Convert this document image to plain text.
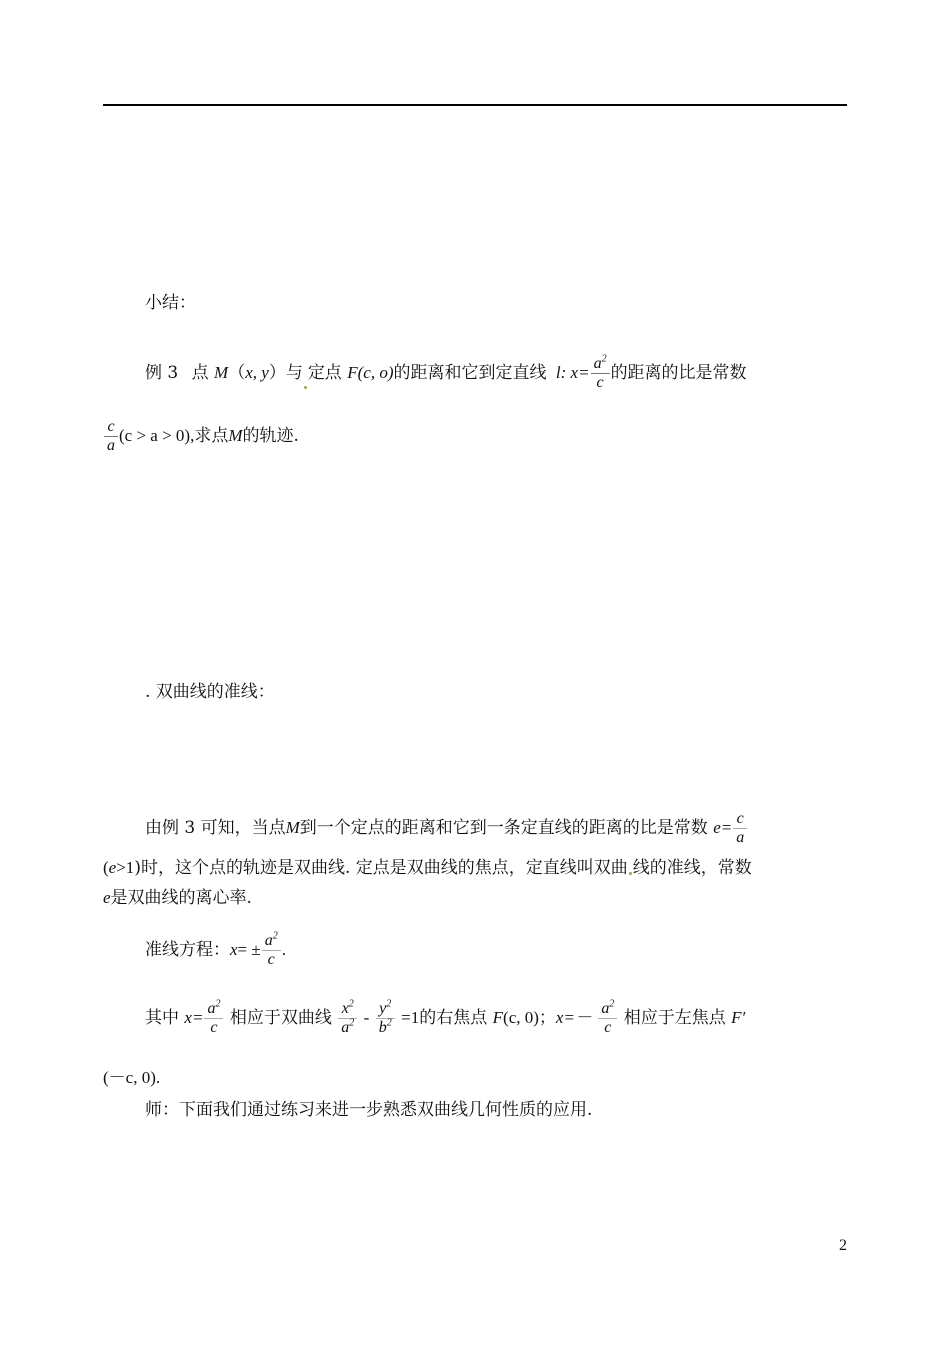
小结：
例 3 点 M（x, y）与 定点 F(c, o)的距离和它到定直线 l: $x= \frac{a^2}{c}$ 的距离的比是常数
$\frac{c}{a} (c > a > 0)$,求点M的轨迹.
. 双曲线的准线：
由例 3 可知，当点M到一个定点的距离和它到一条定直线的距离的比是常数 $e= \frac{c}{a}$
(e>1)时，这个点的轨迹是双曲线. 定点是双曲线的焦点，定直线叫双曲 线的准线，常数
e是双曲线的离心率.
准线方程：$x= \pm \frac{a^2}{c}$ .
其中 $x= \frac{a^2}{c}$ 相应于双曲线 $\frac{x^2}{a^2} - \frac{y^2}{b^2} =1$的右焦点 F(c, 0)；$x=- \frac{a^2}{c}$ 相应于左焦点 F′
(－c, 0).
师：下面我们通过练习来进一步熟悉双曲线几何性质的应用.
2
